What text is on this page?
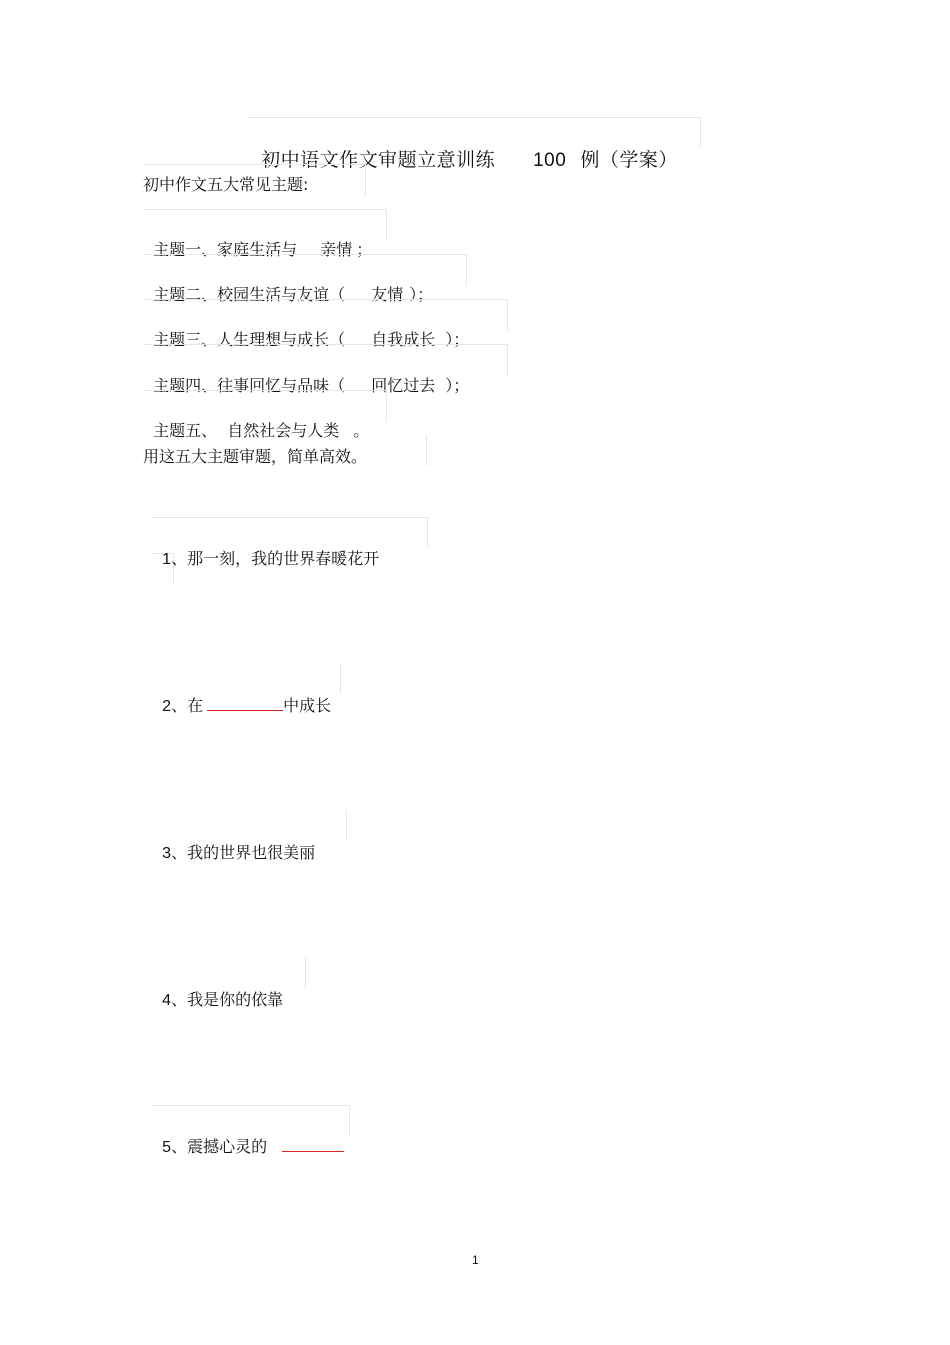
初中语文作文审题立意训练 100 例（学案）

初中作文五大常见主题:

主题一、家庭生活与 亲情 ；

主题二、校园生活与友谊（ 友情 ）；

主题三、人生理想与成长（ 自我成长 ）；

主题四、往事回忆与品味（ 回忆过去 ）；

主题五、 自然社会与人类 。

用这五大主题审题，简单高效。

1、那一刻，我的世界春暖花开

2、在	中成长

3、我的世界也很美丽

4、我是你的依靠

5、震撼心灵的

1
